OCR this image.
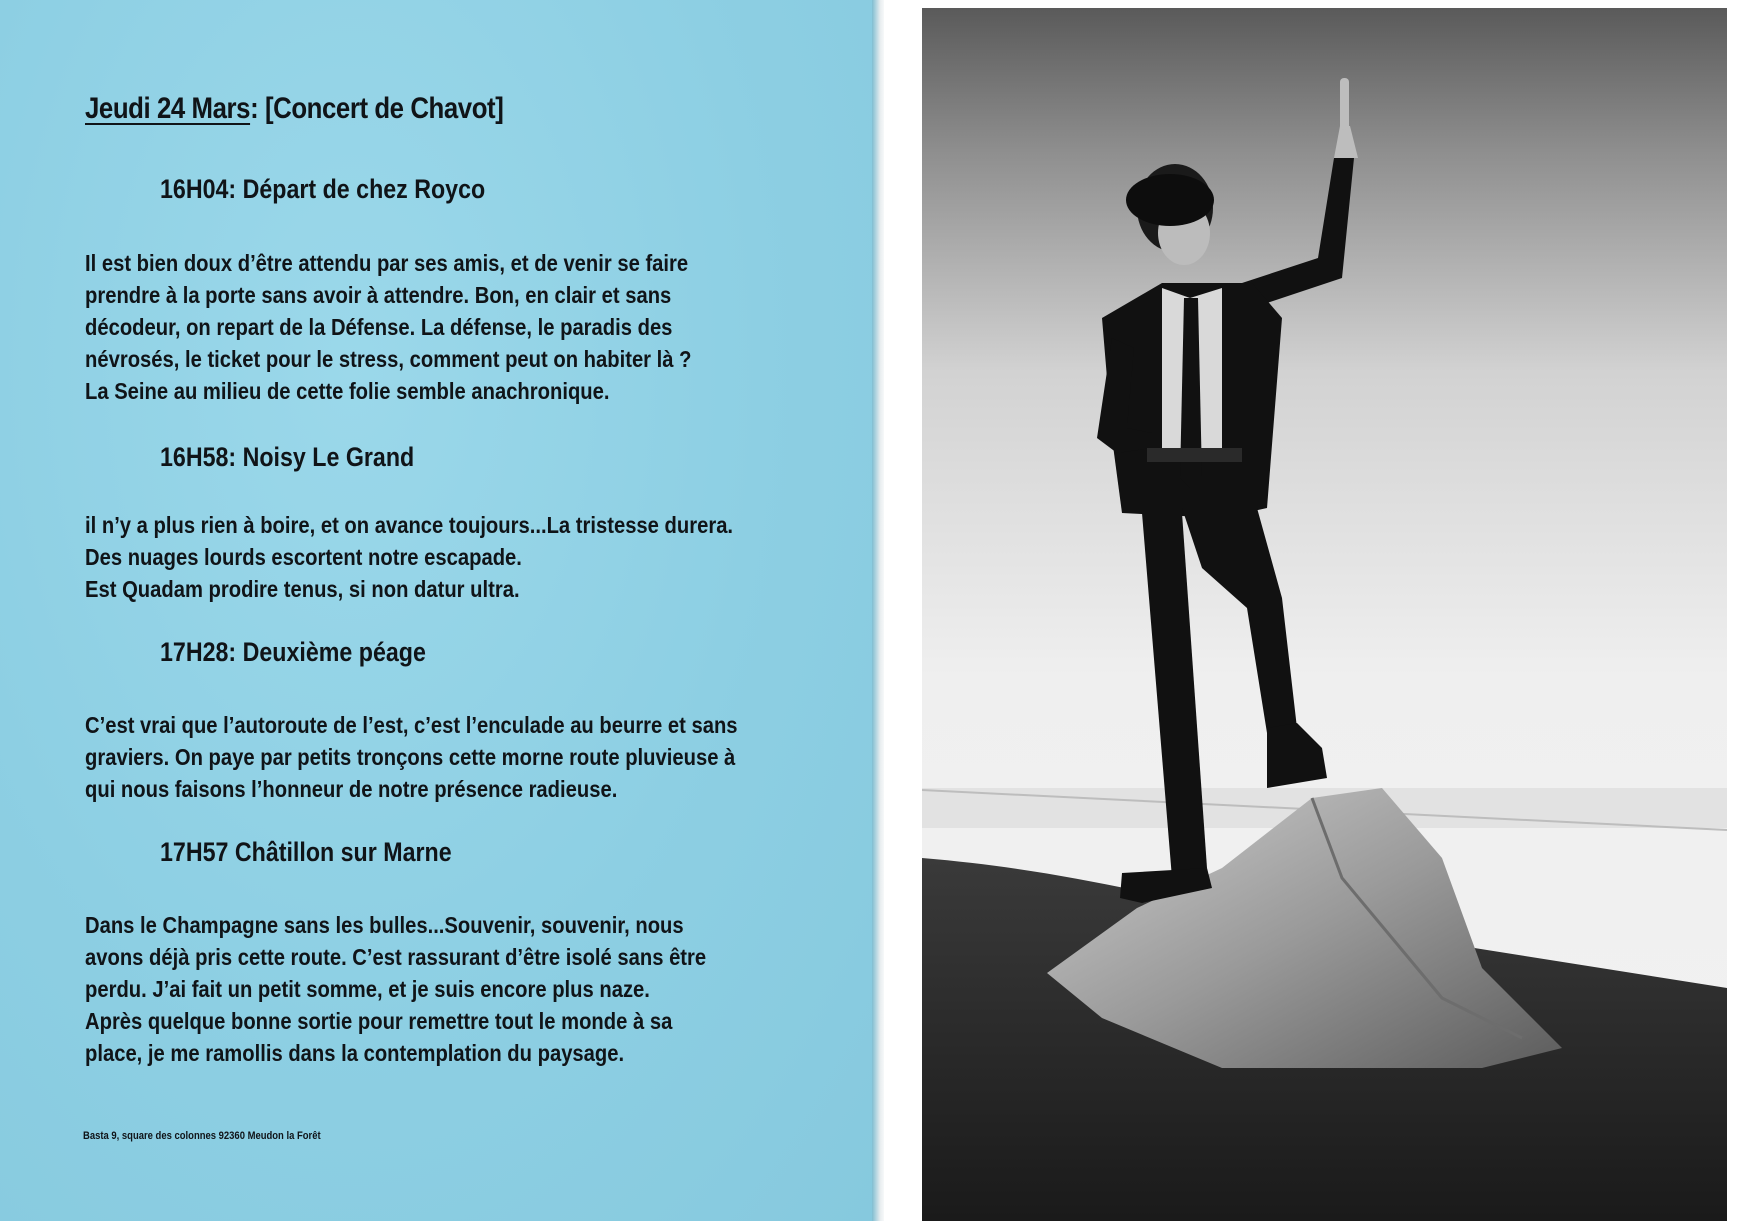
Jeudi 24 Mars: [Concert de Chavot]
16H04: Départ de chez Royco
Il est bien doux d’être attendu par ses amis, et de venir se faire
prendre à la porte sans avoir à attendre. Bon, en clair et sans
décodeur, on repart de la Défense. La défense, le paradis des
névrosés, le ticket pour le stress, comment peut on habiter là ?
La Seine au milieu de cette folie semble anachronique.
16H58: Noisy Le Grand
il n’y a plus rien à boire, et on avance toujours...La tristesse durera.
Des nuages lourds escortent notre escapade.
Est Quadam prodire tenus, si non datur ultra.
17H28: Deuxième péage
C’est vrai que l’autoroute de l’est, c’est l’enculade au beurre et sans
graviers. On paye par petits tronçons cette morne route pluvieuse à
qui nous faisons l’honneur de notre présence radieuse.
17H57 Châtillon sur Marne
Dans le Champagne sans les bulles...Souvenir, souvenir, nous
avons déjà pris cette route. C’est rassurant d’être isolé sans être
perdu. J’ai fait un petit somme, et je suis encore plus naze.
Après quelque bonne sortie pour remettre tout le monde à sa
place, je me ramollis dans la contemplation du paysage.
Basta 9, square des colonnes 92360 Meudon la Forêt
